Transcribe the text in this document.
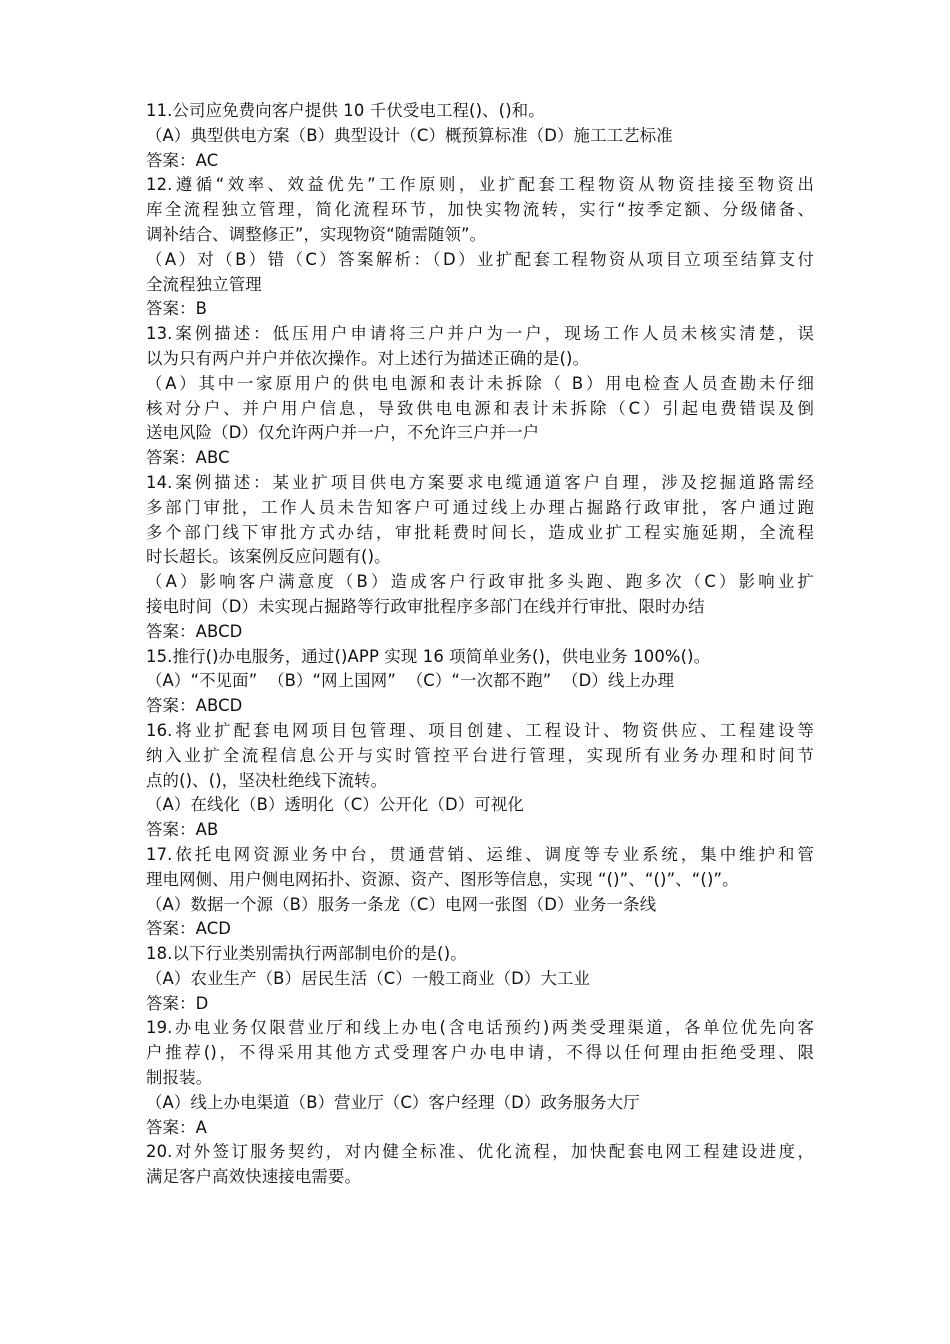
11.公司应免费向客户提供 10 千伏受电工程()、()和。

（A）典型供电方案（B）典型设计（C）概预算标准（D）施工工艺标准

答案：AC

12.遵循“效率、效益优先”工作原则，业扩配套工程物资从物资挂接至物资出

库全流程独立管理，简化流程环节，加快实物流转，实行“按季定额、分级储备、

调补结合、调整修正”，实现物资“随需随领”。

（A）对（B）错（C）答案解析：（D）业扩配套工程物资从项目立项至结算支付

全流程独立管理

答案：B

13.案例描述：低压用户申请将三户并户为一户，现场工作人员未核实清楚，误

以为只有两户并户并依次操作。对上述行为描述正确的是()。

（A）其中一家原用户的供电电源和表计未拆除（ B）用电检查人员查勘未仔细

核对分户、并户用户信息，导致供电电源和表计未拆除（C）引起电费错误及倒

送电风险（D）仅允许两户并一户，不允许三户并一户

答案：ABC

14.案例描述：某业扩项目供电方案要求电缆通道客户自理，涉及挖掘道路需经

多部门审批，工作人员未告知客户可通过线上办理占掘路行政审批，客户通过跑

多个部门线下审批方式办结，审批耗费时间长，造成业扩工程实施延期，全流程

时长超长。该案例反应问题有()。

（A）影响客户满意度（B）造成客户行政审批多头跑、跑多次（C）影响业扩

接电时间（D）未实现占掘路等行政审批程序多部门在线并行审批、限时办结

答案：ABCD

15.推行()办电服务，通过()APP 实现 16 项简单业务()，供电业务 100%()。

（A）“不见面”  （B）“网上国网”  （C）“一次都不跑”  （D）线上办理

答案：ABCD

16.将业扩配套电网项目包管理、项目创建、工程设计、物资供应、工程建设等

纳入业扩全流程信息公开与实时管控平台进行管理，实现所有业务办理和时间节

点的()、()，坚决杜绝线下流转。

（A）在线化（B）透明化（C）公开化（D）可视化

答案：AB

17.依托电网资源业务中台，贯通营销、运维、调度等专业系统，集中维护和管

理电网侧、用户侧电网拓扑、资源、资产、图形等信息，实现 “()”、“()”、“()”。

（A）数据一个源（B）服务一条龙（C）电网一张图（D）业务一条线

答案：ACD

18.以下行业类别需执行两部制电价的是()。

（A）农业生产（B）居民生活（C）一般工商业（D）大工业

答案：D

19.办电业务仅限营业厅和线上办电(含电话预约)两类受理渠道，各单位优先向客

户推荐()，不得采用其他方式受理客户办电申请，不得以任何理由拒绝受理、限

制报装。

（A）线上办电渠道（B）营业厅（C）客户经理（D）政务服务大厅

答案：A

20.对外签订服务契约，对内健全标准、优化流程，加快配套电网工程建设进度，

满足客户高效快速接电需要。
